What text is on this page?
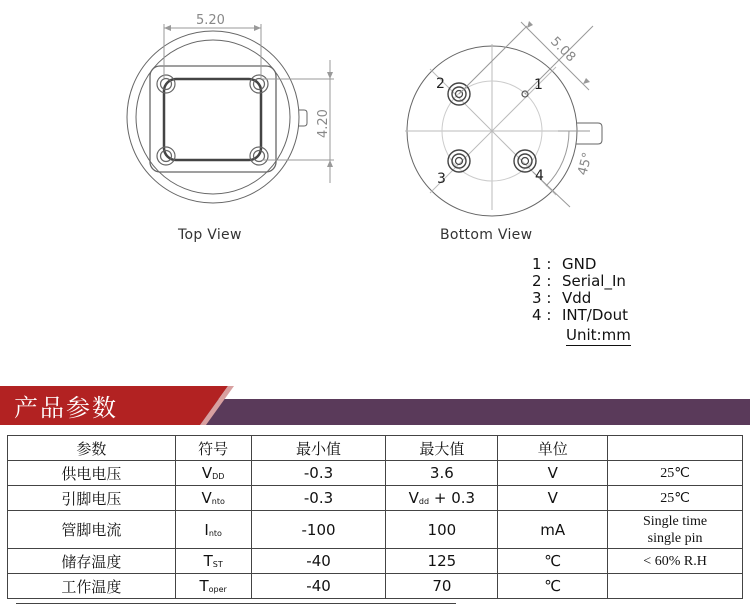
5.20
4.20
5.08
45°
1
2
3	4
Top View	Bottom View
1 : GND
2 : Serial_In
3 : Vdd
4 : INT/Dout
Unit:mm
产品参数
参数	符号	最小值	最大值	单位	
供电电压	$V_{DD}$	-0.3	3.6	V	25℃
引脚电压	$V_{nto}$	-0.3	$V_{dd} + 0.3$	V	25℃
管脚电流	$I_{nto}$	-100	100	mA	Single time
single pin

储存温度	$T_{ST}$	-40	125	℃	< 60% R.H
工作温度	$T_{oper}$	-40	70	℃	
